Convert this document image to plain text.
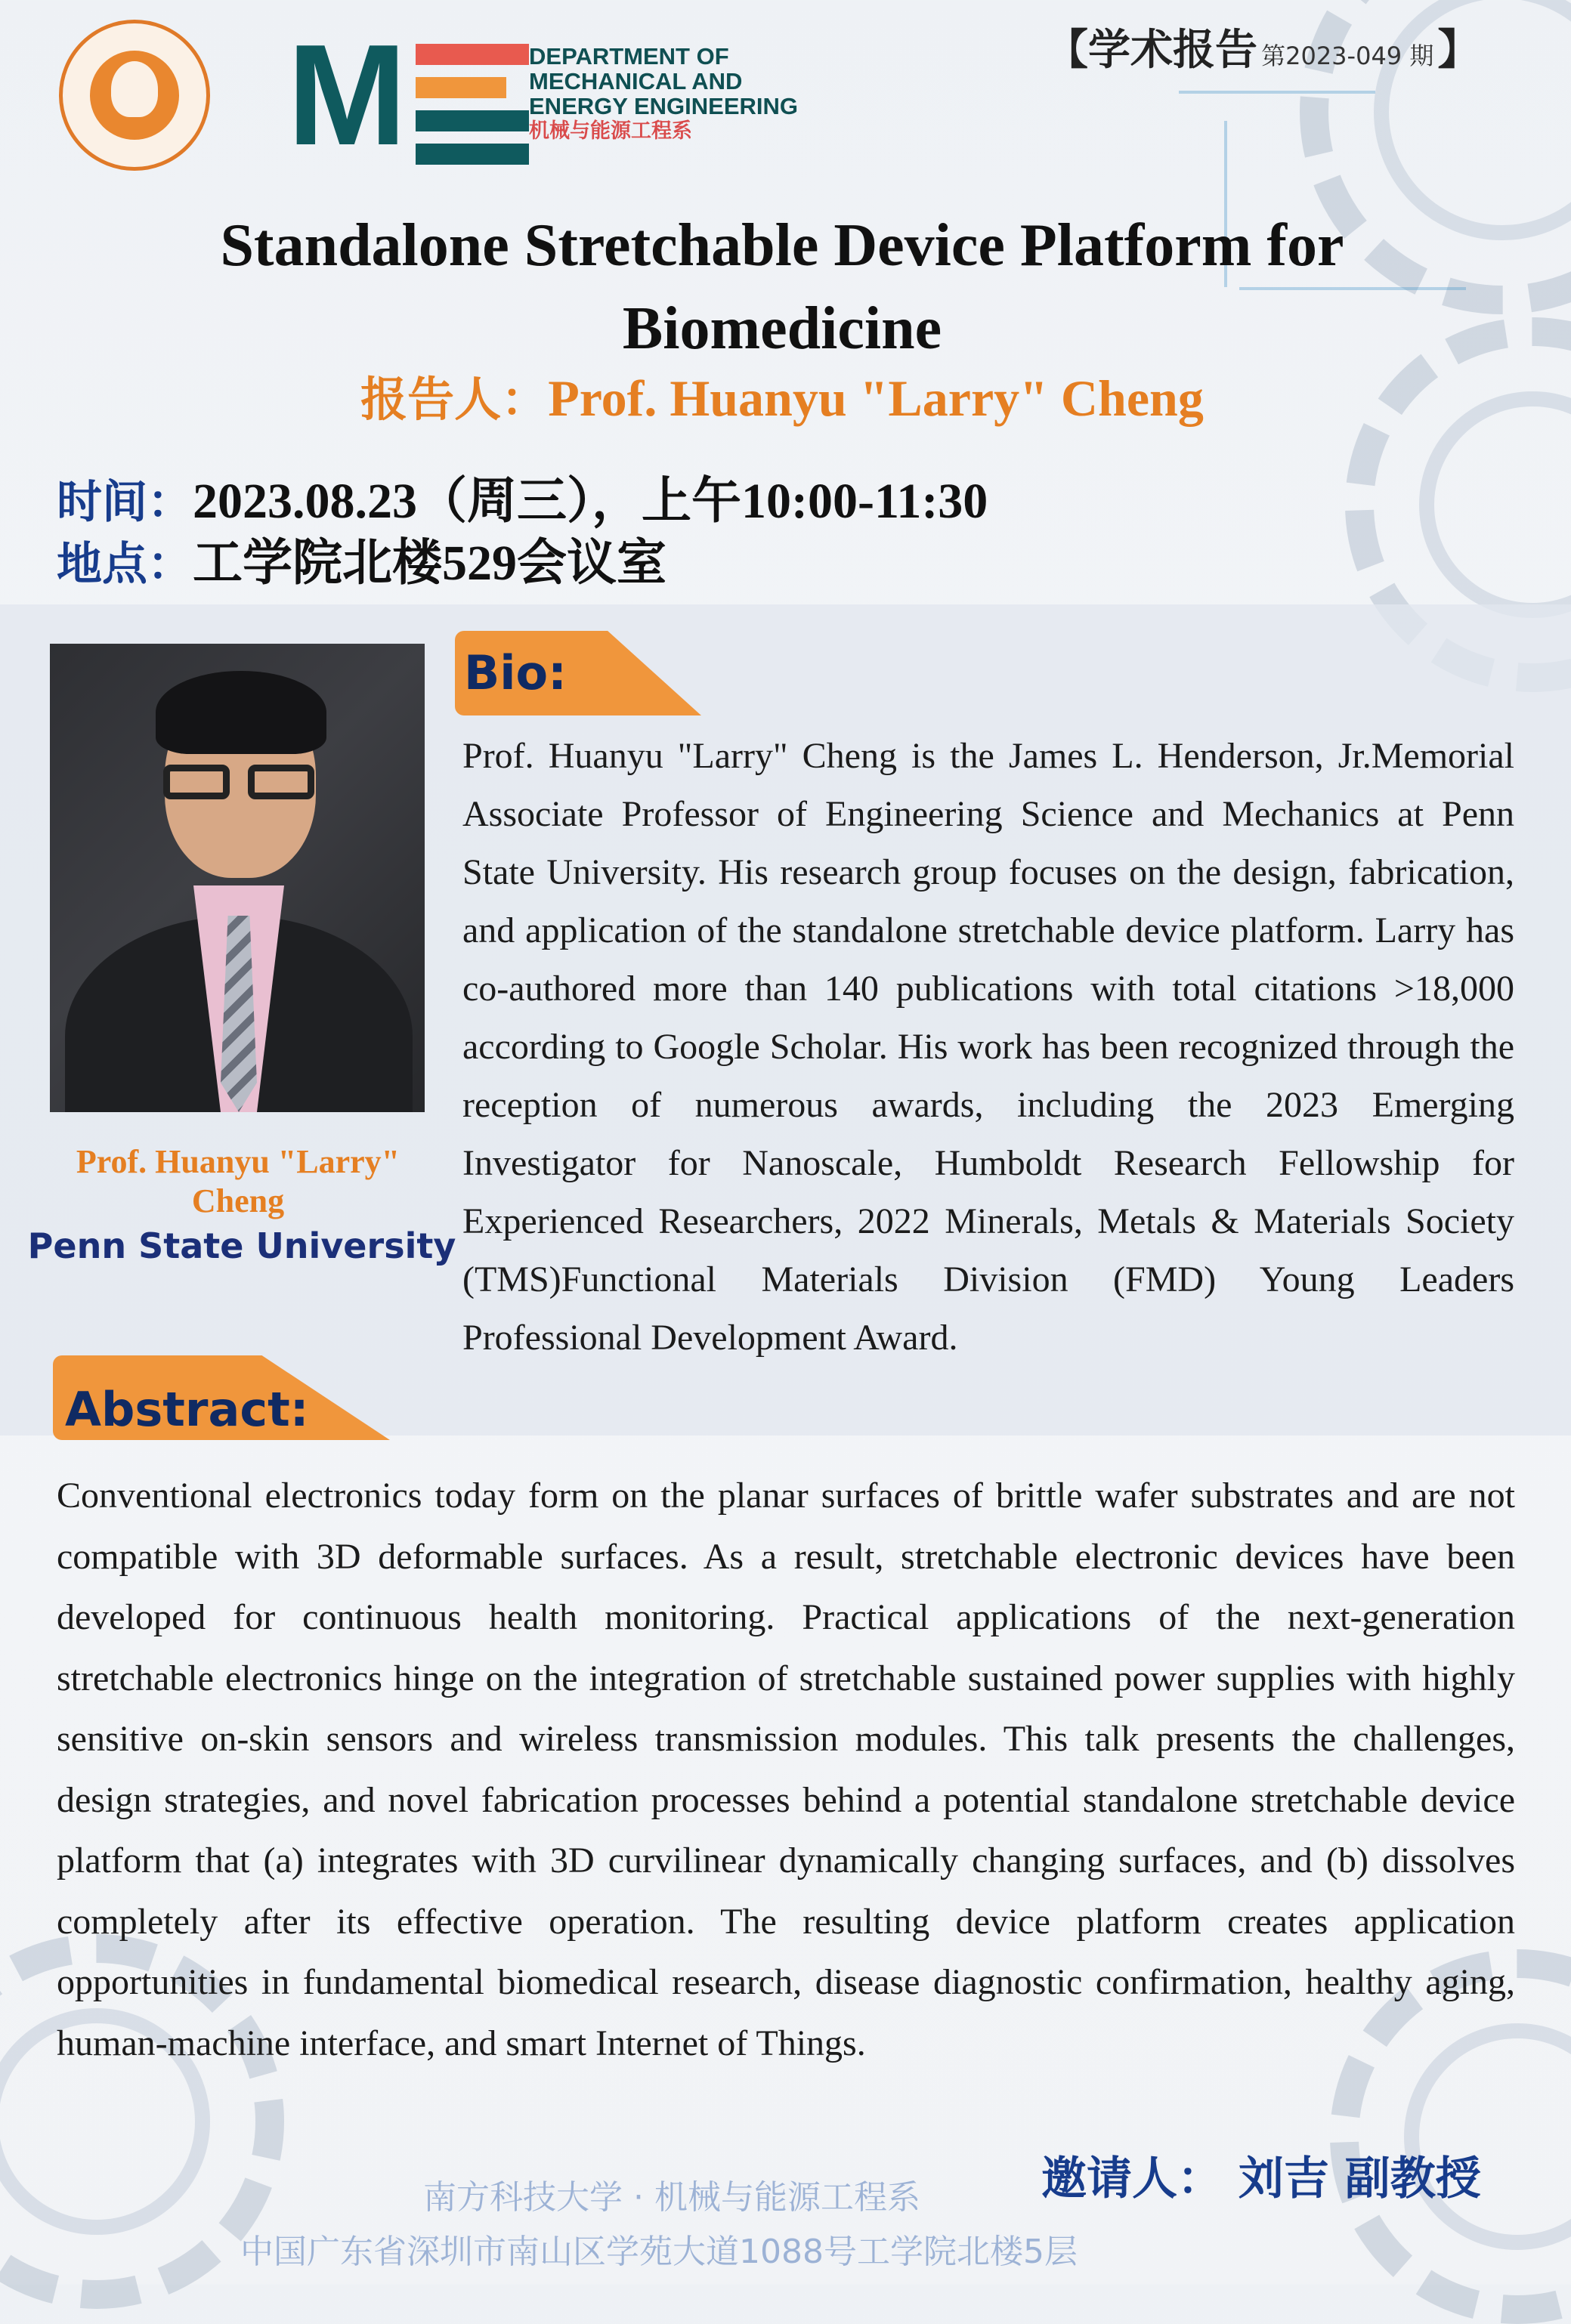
M	DEPARTMENT OF
MECHANICAL AND
ENERGY ENGINEERING
机械与能源工程系
【学术报告 第2023-049 期 】
Standalone Stretchable Device Platform for Biomedicine
报告人：Prof. Huanyu "Larry" Cheng
时间：2023.08.23（周三），上午10:00-11:30
地点：工学院北楼529会议室
Prof. Huanyu "Larry" Cheng
Penn State University
Bio:
Prof. Huanyu "Larry" Cheng is the James L. Henderson, Jr.Memorial Associate Professor of Engineering Science and Mechanics at Penn State University. His research group focuses on the design, fabrication, and application of the standalone stretchable device platform. Larry has co-authored more than 140 publications with total citations >18,000 according to Google Scholar. His work has been recognized through the reception of numerous awards, including the 2023 Emerging Investigator for Nanoscale, Humboldt Research Fellowship for Experienced Researchers, 2022 Minerals, Metals & Materials Society (TMS)Functional Materials Division (FMD) Young Leaders Professional Development Award.
Abstract:
Conventional electronics today form on the planar surfaces of brittle wafer substrates and are not compatible with 3D deformable surfaces. As a result, stretchable electronic devices have been developed for continuous health monitoring. Practical applications of the next-generation stretchable electronics hinge on the integration of stretchable sustained power supplies with highly sensitive on-skin sensors and wireless transmission modules. This talk presents the challenges, design strategies, and novel fabrication processes behind a potential standalone stretchable device platform that (a) integrates with 3D curvilinear dynamically changing surfaces, and (b) dissolves completely after its effective operation. The resulting device platform creates application opportunities in fundamental biomedical research, disease diagnostic confirmation, healthy aging, human-machine interface, and smart Internet of Things.
南方科技大学 · 机械与能源工程系
中国广东省深圳市南山区学苑大道1088号工学院北楼5层
邀请人： 刘吉 副教授
